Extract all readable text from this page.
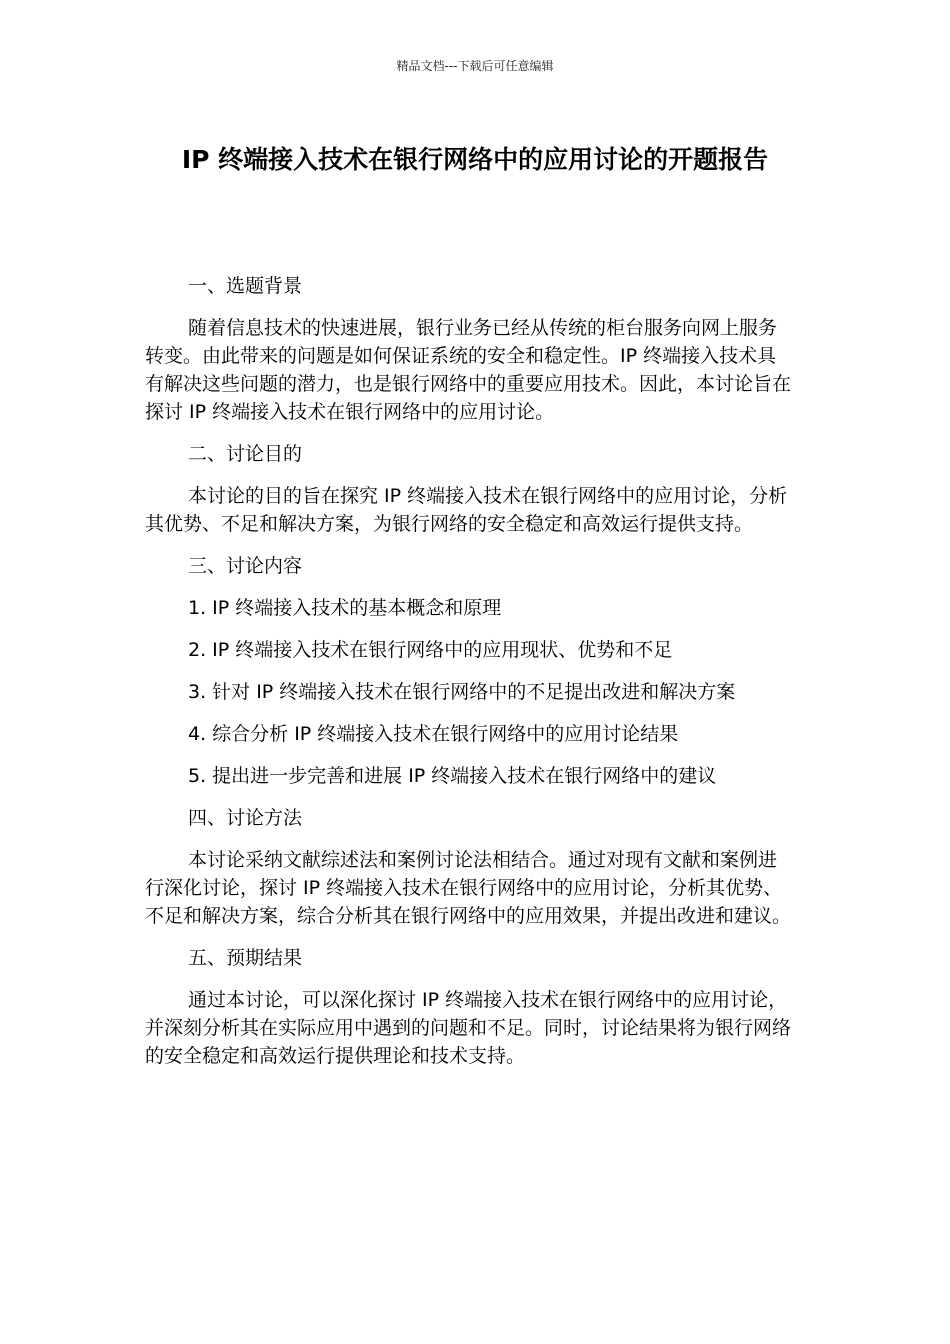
精品文档---下载后可任意编辑
IP 终端接入技术在银行网络中的应用讨论的开题报告

一、选题背景

随着信息技术的快速进展，银行业务已经从传统的柜台服务向网上服务转变。由此带来的问题是如何保证系统的安全和稳定性。IP 终端接入技术具有解决这些问题的潜力，也是银行网络中的重要应用技术。因此，本讨论旨在探讨 IP 终端接入技术在银行网络中的应用讨论。

二、讨论目的

本讨论的目的旨在探究 IP 终端接入技术在银行网络中的应用讨论，分析其优势、不足和解决方案，为银行网络的安全稳定和高效运行提供支持。

三、讨论内容

1. IP 终端接入技术的基本概念和原理

2. IP 终端接入技术在银行网络中的应用现状、优势和不足

3. 针对 IP 终端接入技术在银行网络中的不足提出改进和解决方案

4. 综合分析 IP 终端接入技术在银行网络中的应用讨论结果

5. 提出进一步完善和进展 IP 终端接入技术在银行网络中的建议

四、讨论方法

本讨论采纳文献综述法和案例讨论法相结合。通过对现有文献和案例进行深化讨论，探讨 IP 终端接入技术在银行网络中的应用讨论，分析其优势、不足和解决方案，综合分析其在银行网络中的应用效果，并提出改进和建议。

五、预期结果

通过本讨论，可以深化探讨 IP 终端接入技术在银行网络中的应用讨论，并深刻分析其在实际应用中遇到的问题和不足。同时，讨论结果将为银行网络的安全稳定和高效运行提供理论和技术支持。
